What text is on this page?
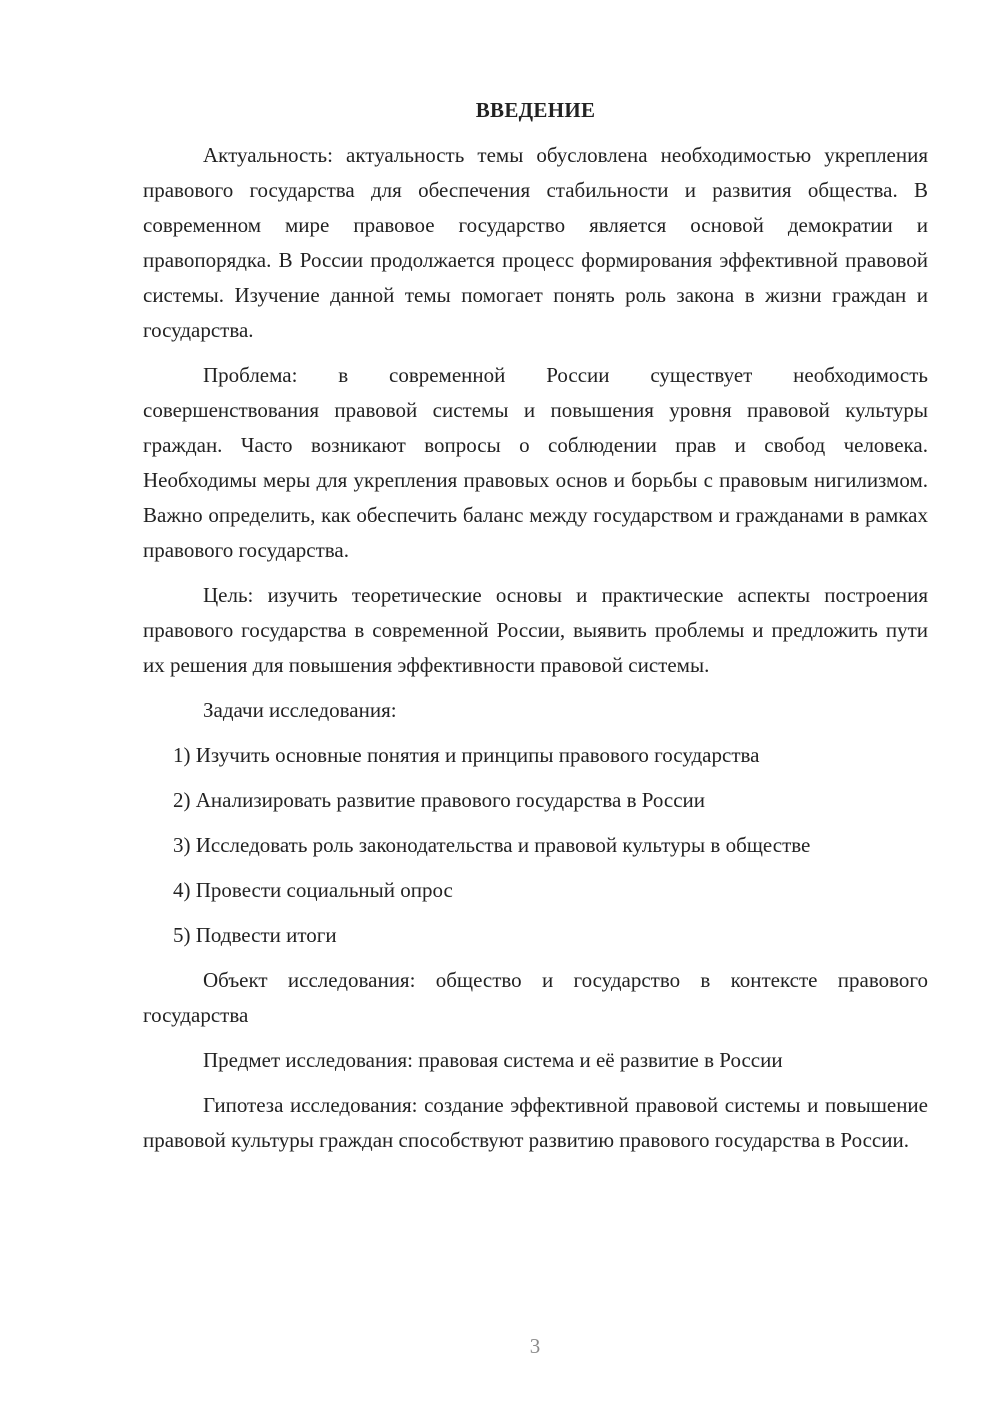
ВВЕДЕНИЕ

Актуальность: актуальность темы обусловлена необходимостью укрепления правового государства для обеспечения стабильности и развития общества. В современном мире правовое государство является основой демократии и правопорядка. В России продолжается процесс формирования эффективной правовой системы. Изучение данной темы помогает понять роль закона в жизни граждан и государства.

Проблема: в современной России существует необходимость совершенствования правовой системы и повышения уровня правовой культуры граждан. Часто возникают вопросы о соблюдении прав и свобод человека. Необходимы меры для укрепления правовых основ и борьбы с правовым нигилизмом. Важно определить, как обеспечить баланс между государством и гражданами в рамках правового государства.

Цель: изучить теоретические основы и практические аспекты построения правового государства в современной России, выявить проблемы и предложить пути их решения для повышения эффективности правовой системы.

Задачи исследования:

1) Изучить основные понятия и принципы правового государства

2) Анализировать развитие правового государства в России

3) Исследовать роль законодательства и правовой культуры в обществе

4) Провести социальный опрос

5) Подвести итоги

Объект исследования: общество и государство в контексте правового государства

Предмет исследования: правовая система и её развитие в России

Гипотеза исследования: создание эффективной правовой системы и повышение правовой культуры граждан способствуют развитию правового государства в России.

3
